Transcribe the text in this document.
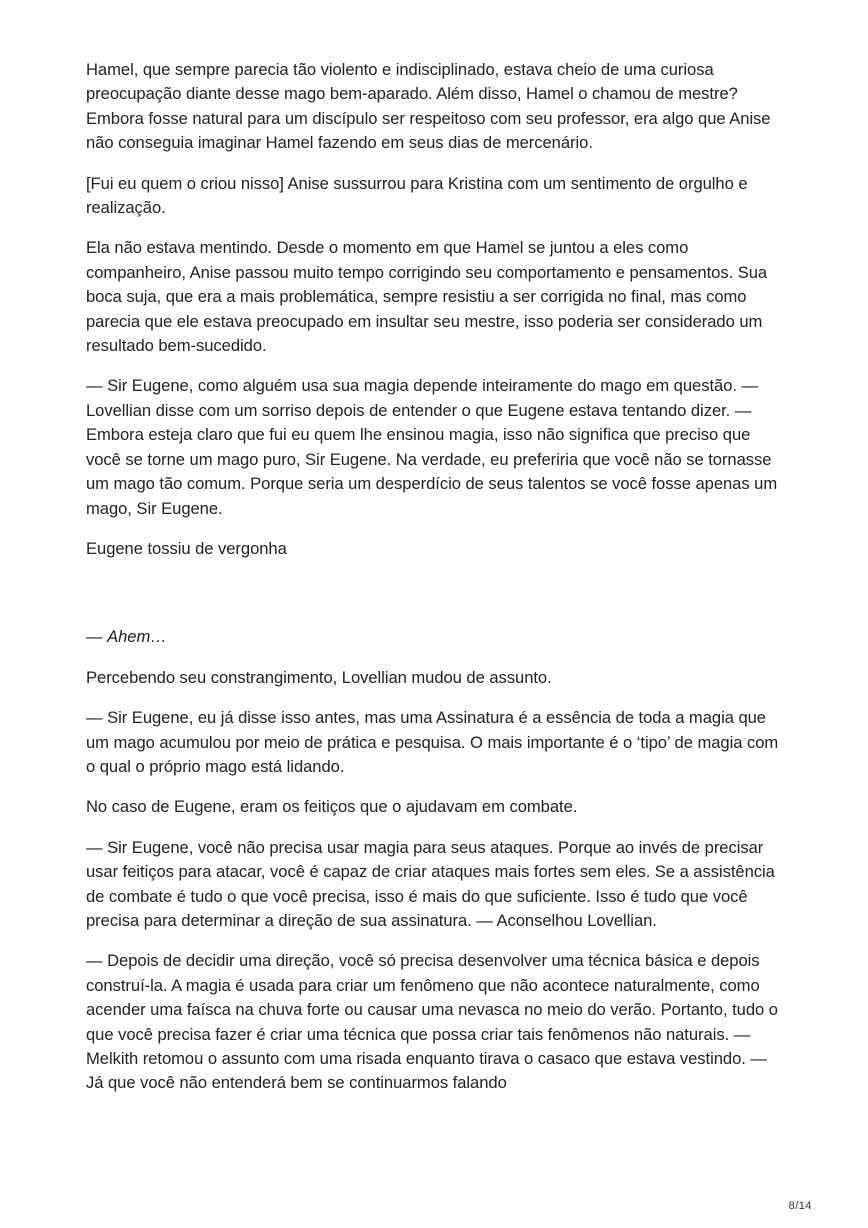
Hamel, que sempre parecia tão violento e indisciplinado, estava cheio de uma curiosa preocupação diante desse mago bem-aparado. Além disso, Hamel o chamou de mestre? Embora fosse natural para um discípulo ser respeitoso com seu professor, era algo que Anise não conseguia imaginar Hamel fazendo em seus dias de mercenário.

[Fui eu quem o criou nisso] Anise sussurrou para Kristina com um sentimento de orgulho e realização.

Ela não estava mentindo. Desde o momento em que Hamel se juntou a eles como companheiro, Anise passou muito tempo corrigindo seu comportamento e pensamentos. Sua boca suja, que era a mais problemática, sempre resistiu a ser corrigida no final, mas como parecia que ele estava preocupado em insultar seu mestre, isso poderia ser considerado um resultado bem-sucedido.

— Sir Eugene, como alguém usa sua magia depende inteiramente do mago em questão. — Lovellian disse com um sorriso depois de entender o que Eugene estava tentando dizer. — Embora esteja claro que fui eu quem lhe ensinou magia, isso não significa que preciso que você se torne um mago puro, Sir Eugene. Na verdade, eu preferiria que você não se tornasse um mago tão comum. Porque seria um desperdício de seus talentos se você fosse apenas um mago, Sir Eugene.

Eugene tossiu de vergonha

— Ahem…

Percebendo seu constrangimento, Lovellian mudou de assunto.

— Sir Eugene, eu já disse isso antes, mas uma Assinatura é a essência de toda a magia que um mago acumulou por meio de prática e pesquisa. O mais importante é o ‘tipo’ de magia com o qual o próprio mago está lidando.

No caso de Eugene, eram os feitiços que o ajudavam em combate.

— Sir Eugene, você não precisa usar magia para seus ataques. Porque ao invés de precisar usar feitiços para atacar, você é capaz de criar ataques mais fortes sem eles. Se a assistência de combate é tudo o que você precisa, isso é mais do que suficiente. Isso é tudo que você precisa para determinar a direção de sua assinatura. — Aconselhou Lovellian.

— Depois de decidir uma direção, você só precisa desenvolver uma técnica básica e depois construí-la. A magia é usada para criar um fenômeno que não acontece naturalmente, como acender uma faísca na chuva forte ou causar uma nevasca no meio do verão. Portanto, tudo o que você precisa fazer é criar uma técnica que possa criar tais fenômenos não naturais. — Melkith retomou o assunto com uma risada enquanto tirava o casaco que estava vestindo. — Já que você não entenderá bem se continuarmos falando

8/14
